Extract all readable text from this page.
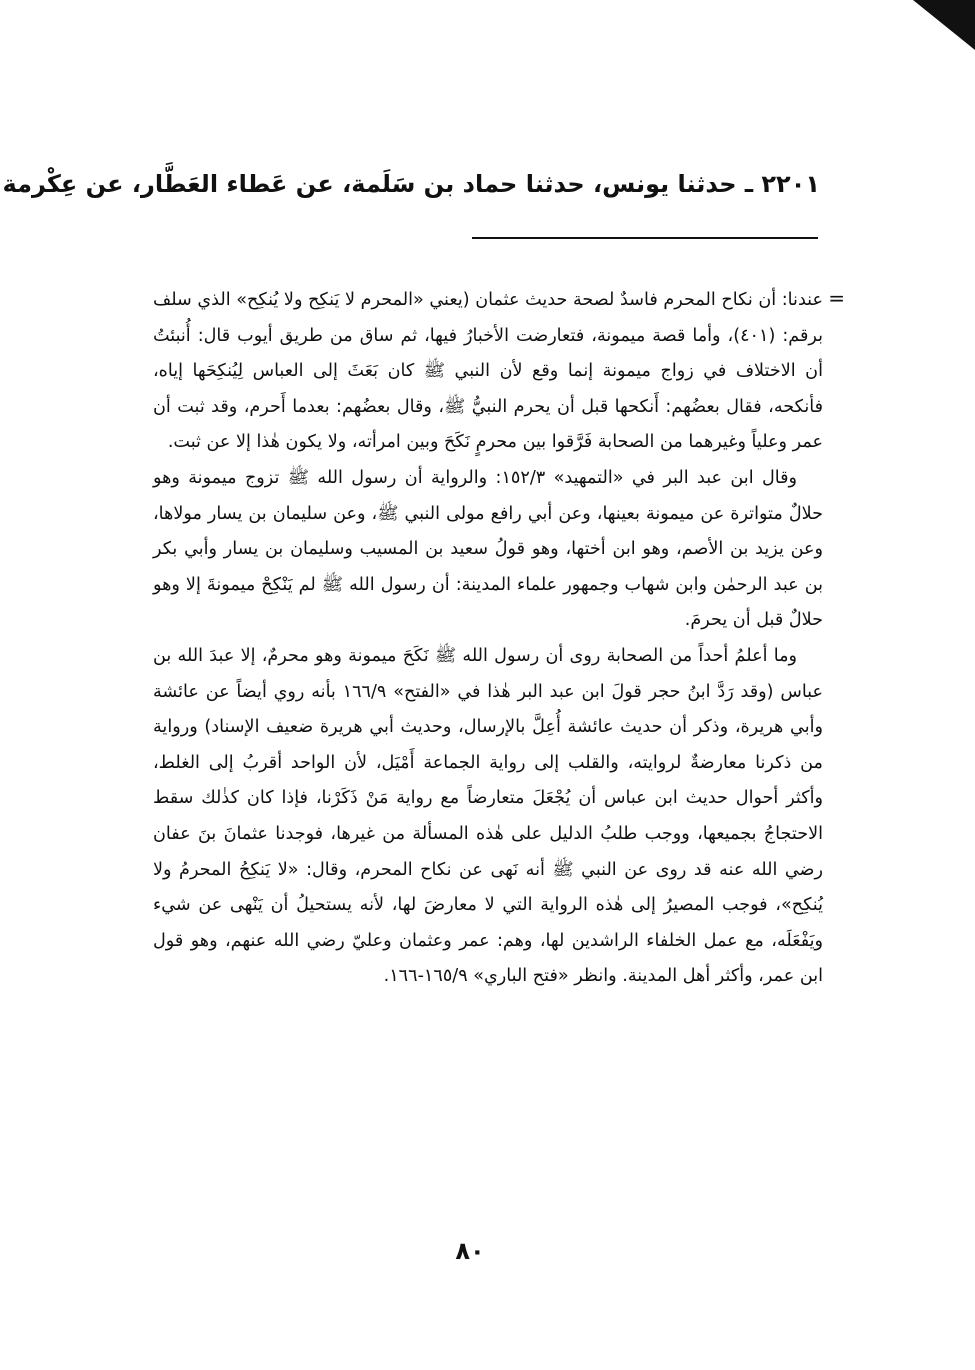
٢٢٠١ ـ حدثنا يونس، حدثنا حماد بن سَلَمة، عن عَطاء العَطَّار، عن عِكْرمة
=

عندنا: أن نكاح المحرم فاسدٌ لصحة حديث عثمان (يعني «المحرم لا يَنكِح ولا يُنكِح» الذي سلف برقم: (٤٠١)، وأما قصة ميمونة، فتعارضت الأخبارُ فيها، ثم ساق من طريق أيوب قال: أُنبئتُ أن الاختلاف في زواج ميمونة إنما وقع لأن النبي ﷺ كان بَعَثَ إلى العباس لِيُنكِحَها إياه، فأنكحه، فقال بعضُهم: أَنكحها قبل أن يحرم النبيُّ ﷺ، وقال بعضُهم: بعدما أَحرم، وقد ثبت أن عمر وعلياً وغيرهما من الصحابة فَرَّقوا بين محرمٍ نَكَحَ وبين امرأته، ولا يكون هٰذا إلا عن ثبت.

وقال ابن عبد البر في «التمهيد» ١٥٢/٣: والرواية أن رسول الله ﷺ تزوج ميمونة وهو حلالٌ متواترة عن ميمونة بعينها، وعن أبي رافع مولى النبي ﷺ، وعن سليمان بن يسار مولاها، وعن يزيد بن الأصم، وهو ابن أختها، وهو قولُ سعيد بن المسيب وسليمان بن يسار وأبي بكر بن عبد الرحمٰن وابن شهاب وجمهور علماء المدينة: أن رسول الله ﷺ لم يَنْكِحْ ميمونةَ إلا وهو حلالٌ قبل أن يحرمَ.

وما أعلمُ أحداً من الصحابة روى أن رسول الله ﷺ نَكَحَ ميمونة وهو محرمٌ، إلا عبدَ الله بن عباس (وقد رَدَّ ابنُ حجر قولَ ابن عبد البر هٰذا في «الفتح» ١٦٦/٩ بأنه روي أيضاً عن عائشة وأبي هريرة، وذكر أن حديث عائشة أُعِلَّ بالإرسال، وحديث أبي هريرة ضعيف الإسناد) ورواية من ذكرنا معارضةٌ لروايته، والقلب إلى رواية الجماعة أَمْيَل، لأن الواحد أقربُ إلى الغلط، وأكثر أحوال حديث ابن عباس أن يُجْعَلَ متعارضاً مع رواية مَنْ ذَكَرْنا، فإذا كان كذٰلك سقط الاحتجاجُ بجميعها، ووجب طلبُ الدليل على هٰذه المسألة من غيرها، فوجدنا عثمانَ بنَ عفان رضي الله عنه قد روى عن النبي ﷺ أنه نَهى عن نكاح المحرم، وقال: «لا يَنكِحُ المحرمُ ولا يُنكِح»، فوجب المصيرُ إلى هٰذه الرواية التي لا معارضَ لها، لأنه يستحيلُ أن يَنْهى عن شيء ويَفْعَلَه، مع عمل الخلفاء الراشدين لها، وهم: عمر وعثمان وعليّ رضي الله عنهم، وهو قول ابن عمر، وأكثر أهل المدينة. وانظر «فتح الباري» ١٦٥/٩-١٦٦.

٨٠
